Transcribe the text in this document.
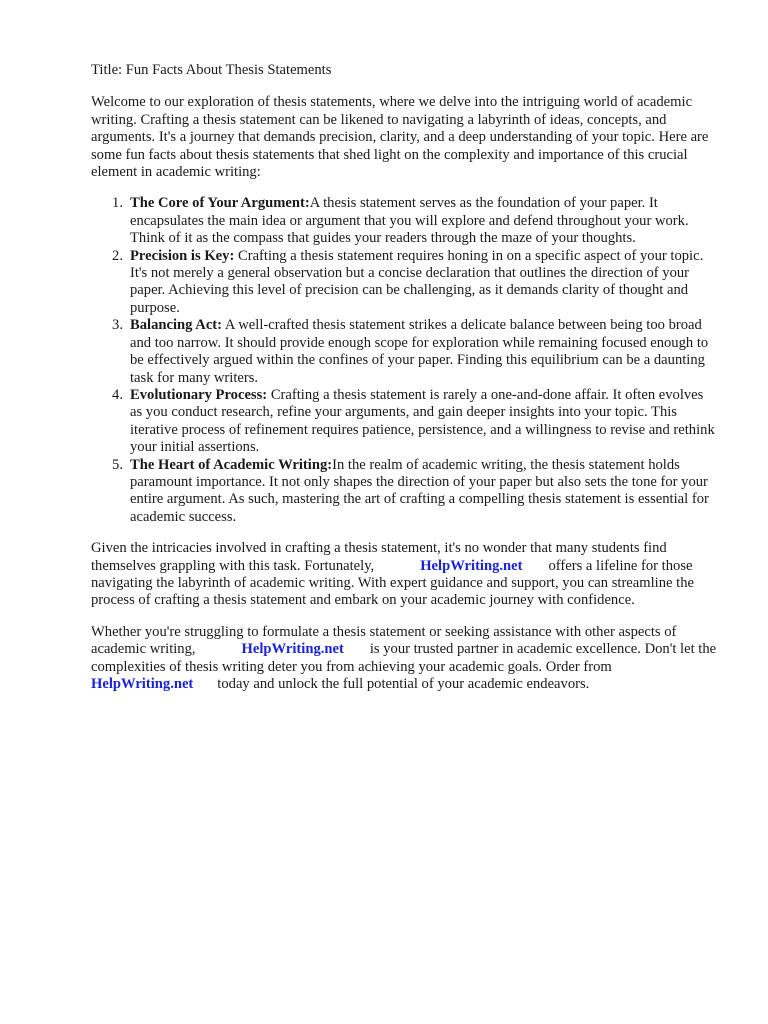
Title: Fun Facts About Thesis Statements

Welcome to our exploration of thesis statements, where we delve into the intriguing world of academic writing. Crafting a thesis statement can be likened to navigating a labyrinth of ideas, concepts, and arguments. It's a journey that demands precision, clarity, and a deep understanding of your topic. Here are some fun facts about thesis statements that shed light on the complexity and importance of this crucial element in academic writing:

1. The Core of Your Argument:A thesis statement serves as the foundation of your paper. It encapsulates the main idea or argument that you will explore and defend throughout your work. Think of it as the compass that guides your readers through the maze of your thoughts.
2. Precision is Key: Crafting a thesis statement requires honing in on a specific aspect of your topic. It's not merely a general observation but a concise declaration that outlines the direction of your paper. Achieving this level of precision can be challenging, as it demands clarity of thought and purpose.
3. Balancing Act: A well-crafted thesis statement strikes a delicate balance between being too broad and too narrow. It should provide enough scope for exploration while remaining focused enough to be effectively argued within the confines of your paper. Finding this equilibrium can be a daunting task for many writers.
4. Evolutionary Process: Crafting a thesis statement is rarely a one-and-done affair. It often evolves as you conduct research, refine your arguments, and gain deeper insights into your topic. This iterative process of refinement requires patience, persistence, and a willingness to revise and rethink your initial assertions.
5. The Heart of Academic Writing:In the realm of academic writing, the thesis statement holds paramount importance. It not only shapes the direction of your paper but also sets the tone for your entire argument. As such, mastering the art of crafting a compelling thesis statement is essential for academic success.

Given the intricacies involved in crafting a thesis statement, it's no wonder that many students find themselves grappling with this task. Fortunately,	HelpWriting.net offers a lifeline for those navigating the labyrinth of academic writing. With expert guidance and support, you can streamline the process of crafting a thesis statement and embark on your academic journey with confidence.

Whether you're struggling to formulate a thesis statement or seeking assistance with other aspects of academic writing,	HelpWriting.net is your trusted partner in academic excellence. Don't let the complexities of thesis writing deter you from achieving your academic goals. Order from HelpWriting.net today and unlock the full potential of your academic endeavors.
